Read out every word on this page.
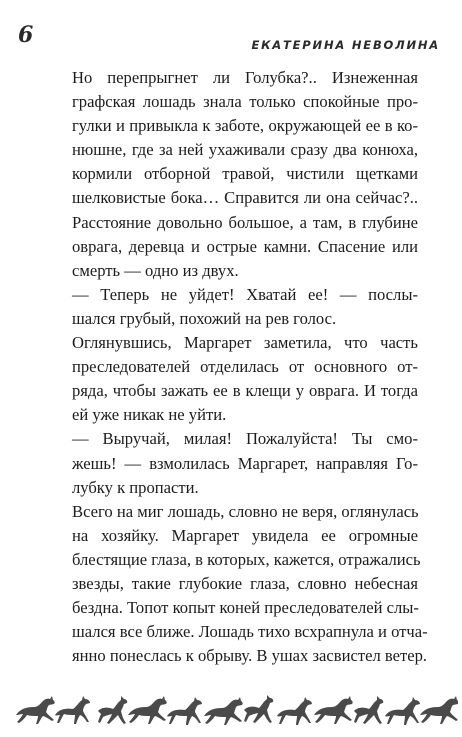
6	ЕКАТЕРИНА НЕВОЛИНА

Но перепрыгнет ли Голубка?.. Изнеженная
графская лошадь знала только спокойные про-
гулки и привыкла к заботе, окружающей ее в ко-
нюшне, где за ней ухаживали сразу два конюха,
кормили отборной травой, чистили щетками
шелковистые бока… Справится ли она сейчас?..
Расстояние довольно большое, а там, в глубине
оврага, деревца и острые камни. Спасение или
смерть — одно из двух.

— Теперь не уйдет! Хватай ее! — послы-
шался грубый, похожий на рев голос.

Оглянувшись, Маргарет заметила, что часть
преследователей отделилась от основного от-
ряда, чтобы зажать ее в клещи у оврага. И тогда
ей уже никак не уйти.

— Выручай, милая! Пожалуйста! Ты смо-
жешь! — взмолилась Маргарет, направляя Го-
лубку к пропасти.

Всего на миг лошадь, словно не веря, оглянулась
на хозяйку. Маргарет увидела ее огромные
блестящие глаза, в которых, кажется, отражались
звезды, такие глубокие глаза, словно небесная
бездна. Топот копыт коней преследователей слы-
шался все ближе. Лошадь тихо всхрапнула и отча-
янно понеслась к обрыву. В ушах засвистел ветер.
